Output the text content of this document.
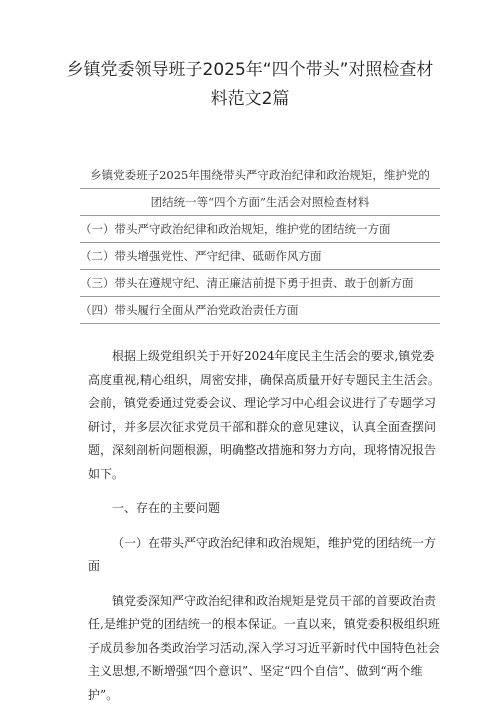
乡镇党委领导班子2025年“四个带头”对照检查材
料范文2篇
乡镇党委班子2025年围绕带头严守政治纪律和政治规矩，维护党的
团结统一等“四个方面”生活会对照检查材料
（一）带头严守政治纪律和政治规矩，维护党的团结统一方面
（二）带头增强党性、严守纪律、砥砺作风方面
（三）带头在遵规守纪、清正廉洁前提下勇于担责、敢于创新方面
（四）带头履行全面从严治党政治责任方面

根据上级党组织关于开好2024年度民主生活会的要求,镇党委高度重视,精心组织，周密安排，确保高质量开好专题民主生活会。会前，镇党委通过党委会议、理论学习中心组会议进行了专题学习研讨，并多层次征求党员干部和群众的意见建议，认真全面查摆问题，深刻剖析问题根源，明确整改措施和努力方向，现将情况报告如下。

一、存在的主要问题

（一）在带头严守政治纪律和政治规矩，维护党的团结统一方面

镇党委深知严守政治纪律和政治规矩是党员干部的首要政治责任,是维护党的团结统一的根本保证。一直以来，镇党委积极组织班子成员参加各类政治学习活动,深入学习习近平新时代中国特色社会主义思想,不断增强“四个意识”、坚定“四个自信”、做到“两个维护”。
